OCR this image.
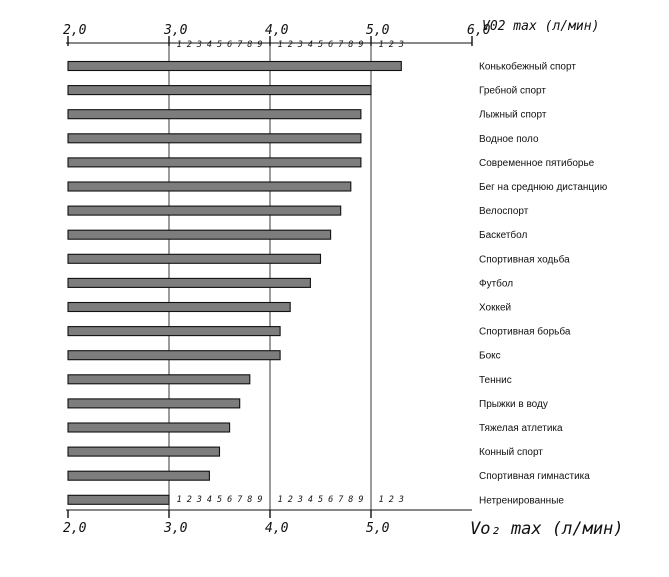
Конькобежный спорт
Гребной спорт
Лыжный спорт
Водное поло
Современное пятиборье
Бег на среднюю дистанцию
Велоспорт
Баскетбол
Спортивная ходьба
Футбол
Хоккей
Спортивная борьба
Бокс
Теннис
Прыжки в воду
Тяжелая атлетика
Конный спорт
Спортивная гимнастика
Нетренированные
2,0	3,0	4,0	5,0	6,0
1 2 3 4 5 6 7 8 9 1 2 3 4 5 6 7 8 9 1 2 3
2,0	3,0	4,0	5,0
1 2 3 4 5 6 7 8 9 1 2 3 4 5 6 7 8 9 1 2 3
V02 max (л/мин)
Vo₂ max (л/мин)
